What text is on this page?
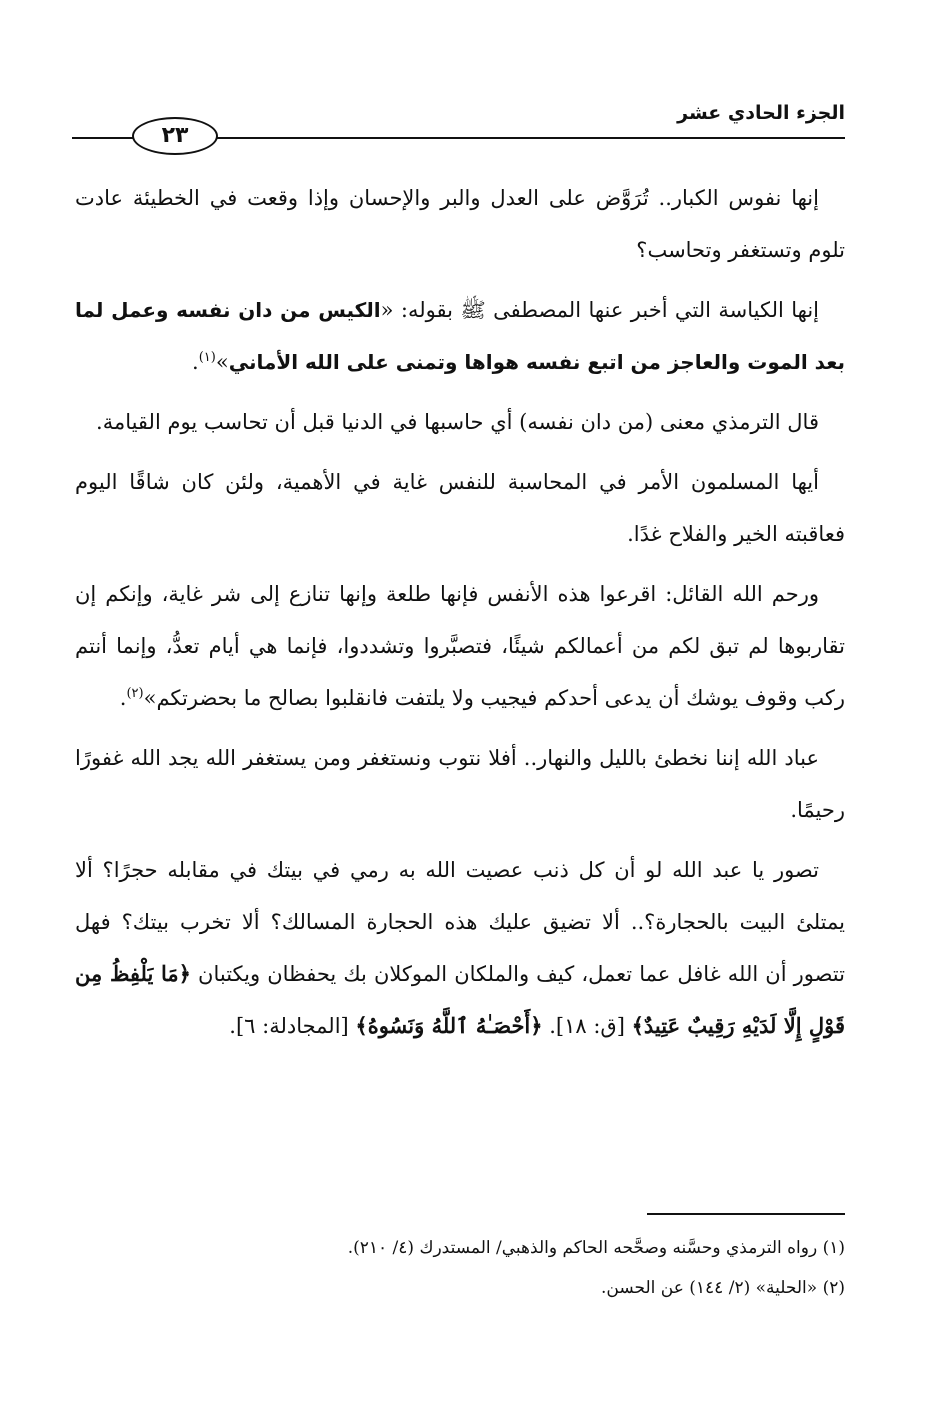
الجزء الحادي عشر
٢٣

إنها نفوس الكبار.. تُرَوَّض على العدل والبر والإحسان وإذا وقعت في الخطيئة عادت تلوم وتستغفر وتحاسب؟

إنها الكياسة التي أخبر عنها المصطفى ﷺ بقوله: «الكيس من دان نفسه وعمل لما بعد الموت والعاجز من اتبع نفسه هواها وتمنى على الله الأماني»$^{(١)}$.

قال الترمذي معنى (من دان نفسه) أي حاسبها في الدنيا قبل أن تحاسب يوم القيامة.

أيها المسلمون الأمر في المحاسبة للنفس غاية في الأهمية، ولئن كان شاقًا اليوم فعاقبته الخير والفلاح غدًا.

ورحم الله القائل: اقرعوا هذه الأنفس فإنها طلعة وإنها تنازع إلى شر غاية، وإنكم إن تقاربوها لم تبق لكم من أعمالكم شيئًا، فتصبَّروا وتشددوا، فإنما هي أيام تعدُّ، وإنما أنتم ركب وقوف يوشك أن يدعى أحدكم فيجيب ولا يلتفت فانقلبوا بصالح ما بحضرتكم»$^{(٢)}$.

عباد الله إننا نخطئ بالليل والنهار.. أفلا نتوب ونستغفر ومن يستغفر الله يجد الله غفورًا رحيمًا.

تصور يا عبد الله لو أن كل ذنب عصيت الله به رمي في بيتك في مقابله حجرًا؟ ألا يمتلئ البيت بالحجارة؟.. ألا تضيق عليك هذه الحجارة المسالك؟ ألا تخرب بيتك؟ فهل تتصور أن الله غافل عما تعمل، كيف والملكان الموكلان بك يحفظان ويكتبان ﴿مَا يَلْفِظُ مِن قَوْلٍ إِلَّا لَدَيْهِ رَقِيبٌ عَتِيدٌ﴾ [ق: ١٨]. ﴿أَحْصَـٰهُ ٱللَّهُ وَنَسُوهُ﴾ [المجادلة: ٦].

(١) رواه الترمذي وحسَّنه وصحَّحه الحاكم والذهبي/ المستدرك (٤/ ٢١٠).

(٢) «الحلية» (٢/ ١٤٤) عن الحسن.
